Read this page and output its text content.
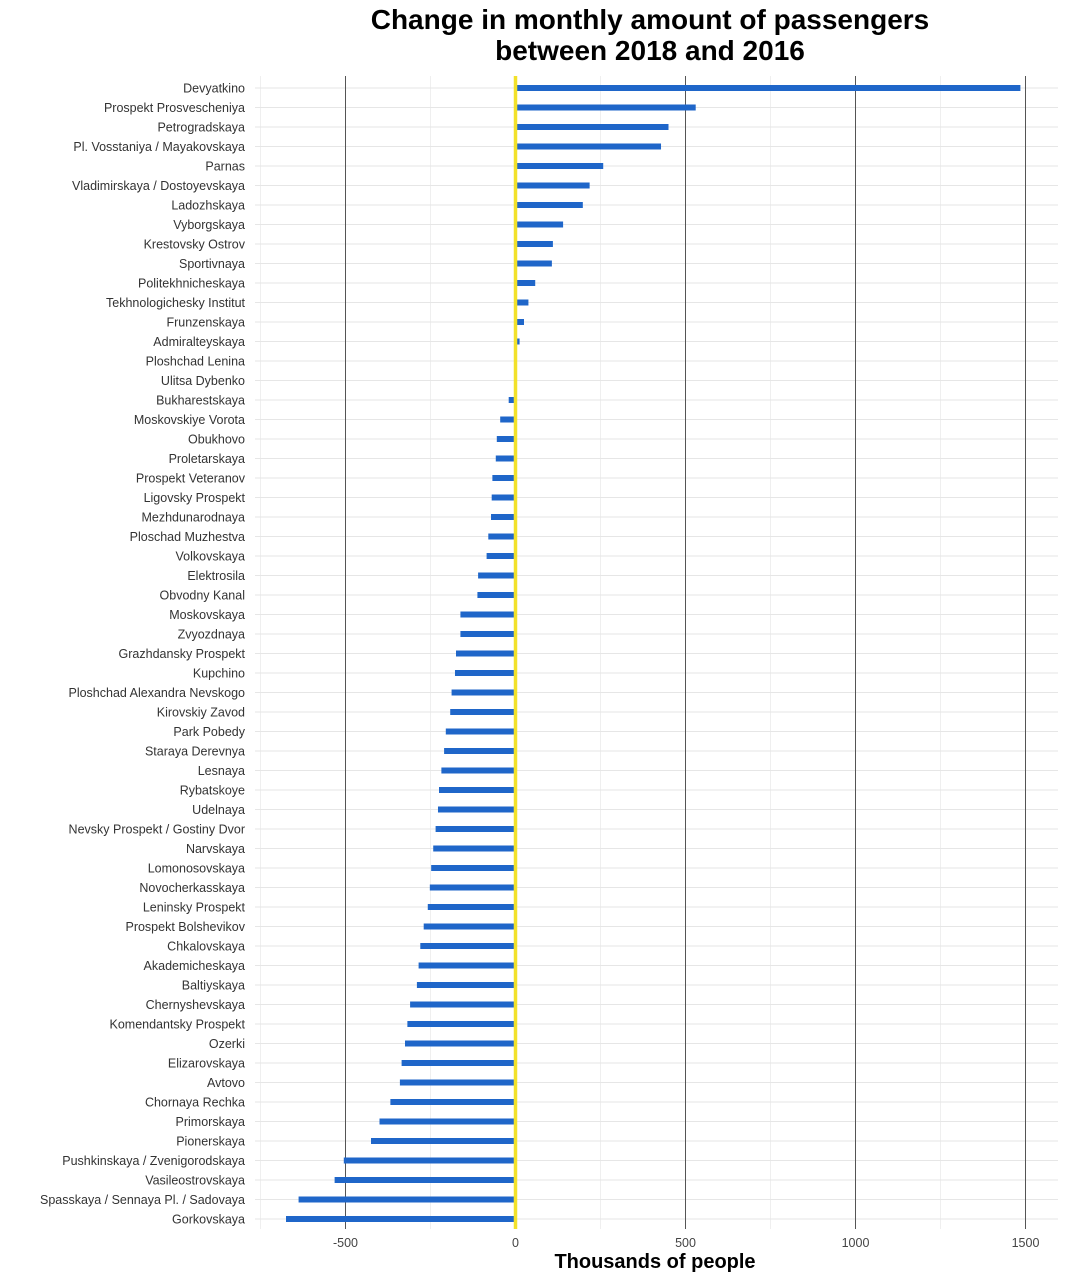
Change in monthly amount of passengers
between 2018 and 2016
Devyatkino
Prospekt Prosvescheniya
Petrogradskaya
Pl. Vosstaniya / Mayakovskaya
Parnas
Vladimirskaya / Dostoyevskaya
Ladozhskaya
Vyborgskaya
Krestovsky Ostrov
Sportivnaya
Politekhnicheskaya
Tekhnologichesky Institut
Frunzenskaya
Admiralteyskaya
Ploshchad Lenina
Ulitsa Dybenko
Bukharestskaya
Moskovskiye Vorota
Obukhovo
Proletarskaya
Prospekt Veteranov
Ligovsky Prospekt
Mezhdunarodnaya
Ploschad Muzhestva
Volkovskaya
Elektrosila
Obvodny Kanal
Moskovskaya
Zvyozdnaya
Grazhdansky Prospekt
Kupchino
Ploshchad Alexandra Nevskogo
Kirovskiy Zavod
Park Pobedy
Staraya Derevnya
Lesnaya
Rybatskoye
Udelnaya
Nevsky Prospekt / Gostiny Dvor
Narvskaya
Lomonosovskaya
Novocherkasskaya
Leninsky Prospekt
Prospekt Bolshevikov
Chkalovskaya
Akademicheskaya
Baltiyskaya
Chernyshevskaya
Komendantsky Prospekt
Ozerki
Elizarovskaya
Avtovo
Chornaya Rechka
Primorskaya
Pionerskaya
Pushkinskaya / Zvenigorodskaya
Vasileostrovskaya
Spasskaya / Sennaya Pl. / Sadovaya
Gorkovskaya
-500	0	500	1000	1500
Thousands of people
